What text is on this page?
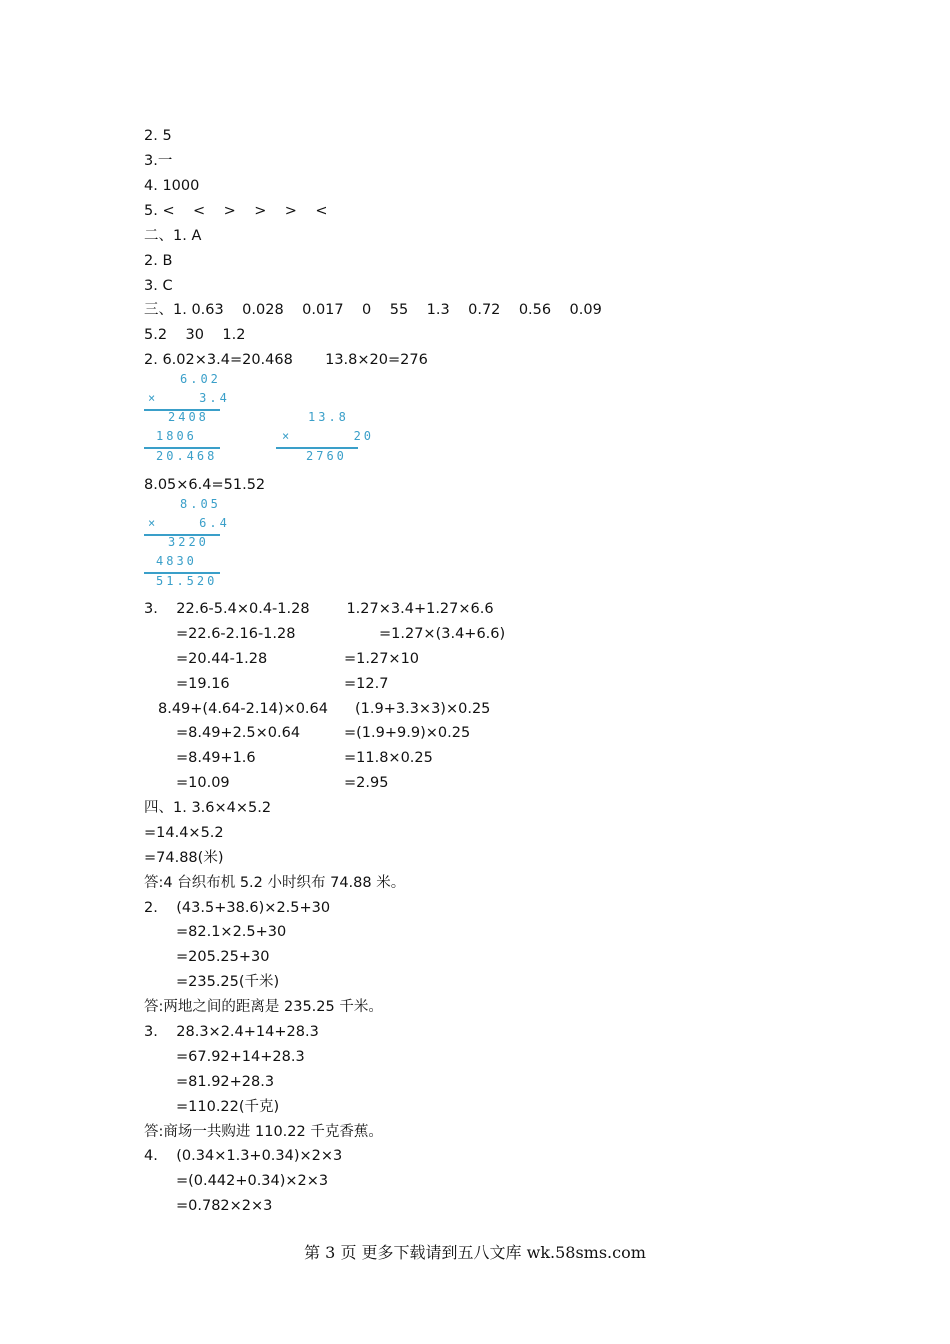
2. 5
3.一
4. 1000
5. <    <    >    >    >    <
二、1. A
2. B
3. C
三、1. 0.63    0.028    0.017    0    55    1.3    0.72    0.56    0.09
5.2    30    1.2
2. 6.02×3.4=20.468       13.8×20=276
6.02
×    3.4
2408
1806
20.468
13.8
×      20
2760
8.05×6.4=51.52
8.05
×    6.4
3220
4830
51.520
3.    22.6-5.4×0.4-1.28        1.27×3.4+1.27×6.6
=22.6-2.16-1.28	=1.27×(3.4+6.6)
=20.44-1.28	=1.27×10
=19.16	=12.7
8.49+(4.64-2.14)×0.64 (1.9+3.3×3)×0.25
=8.49+2.5×0.64	=(1.9+9.9)×0.25
=8.49+1.6	=11.8×0.25
=10.09	=2.95
四、1. 3.6×4×5.2
=14.4×5.2
=74.88(米)
答:4 台织布机 5.2 小时织布 74.88 米。
2.    (43.5+38.6)×2.5+30
=82.1×2.5+30
=205.25+30
=235.25(千米)
答:两地之间的距离是 235.25 千米。
3.    28.3×2.4+14+28.3
=67.92+14+28.3
=81.92+28.3
=110.22(千克)
答:商场一共购进 110.22 千克香蕉。
4.    (0.34×1.3+0.34)×2×3
=(0.442+0.34)×2×3
=0.782×2×3
第 3 页 更多下载请到五八文库 wk.58sms.com
